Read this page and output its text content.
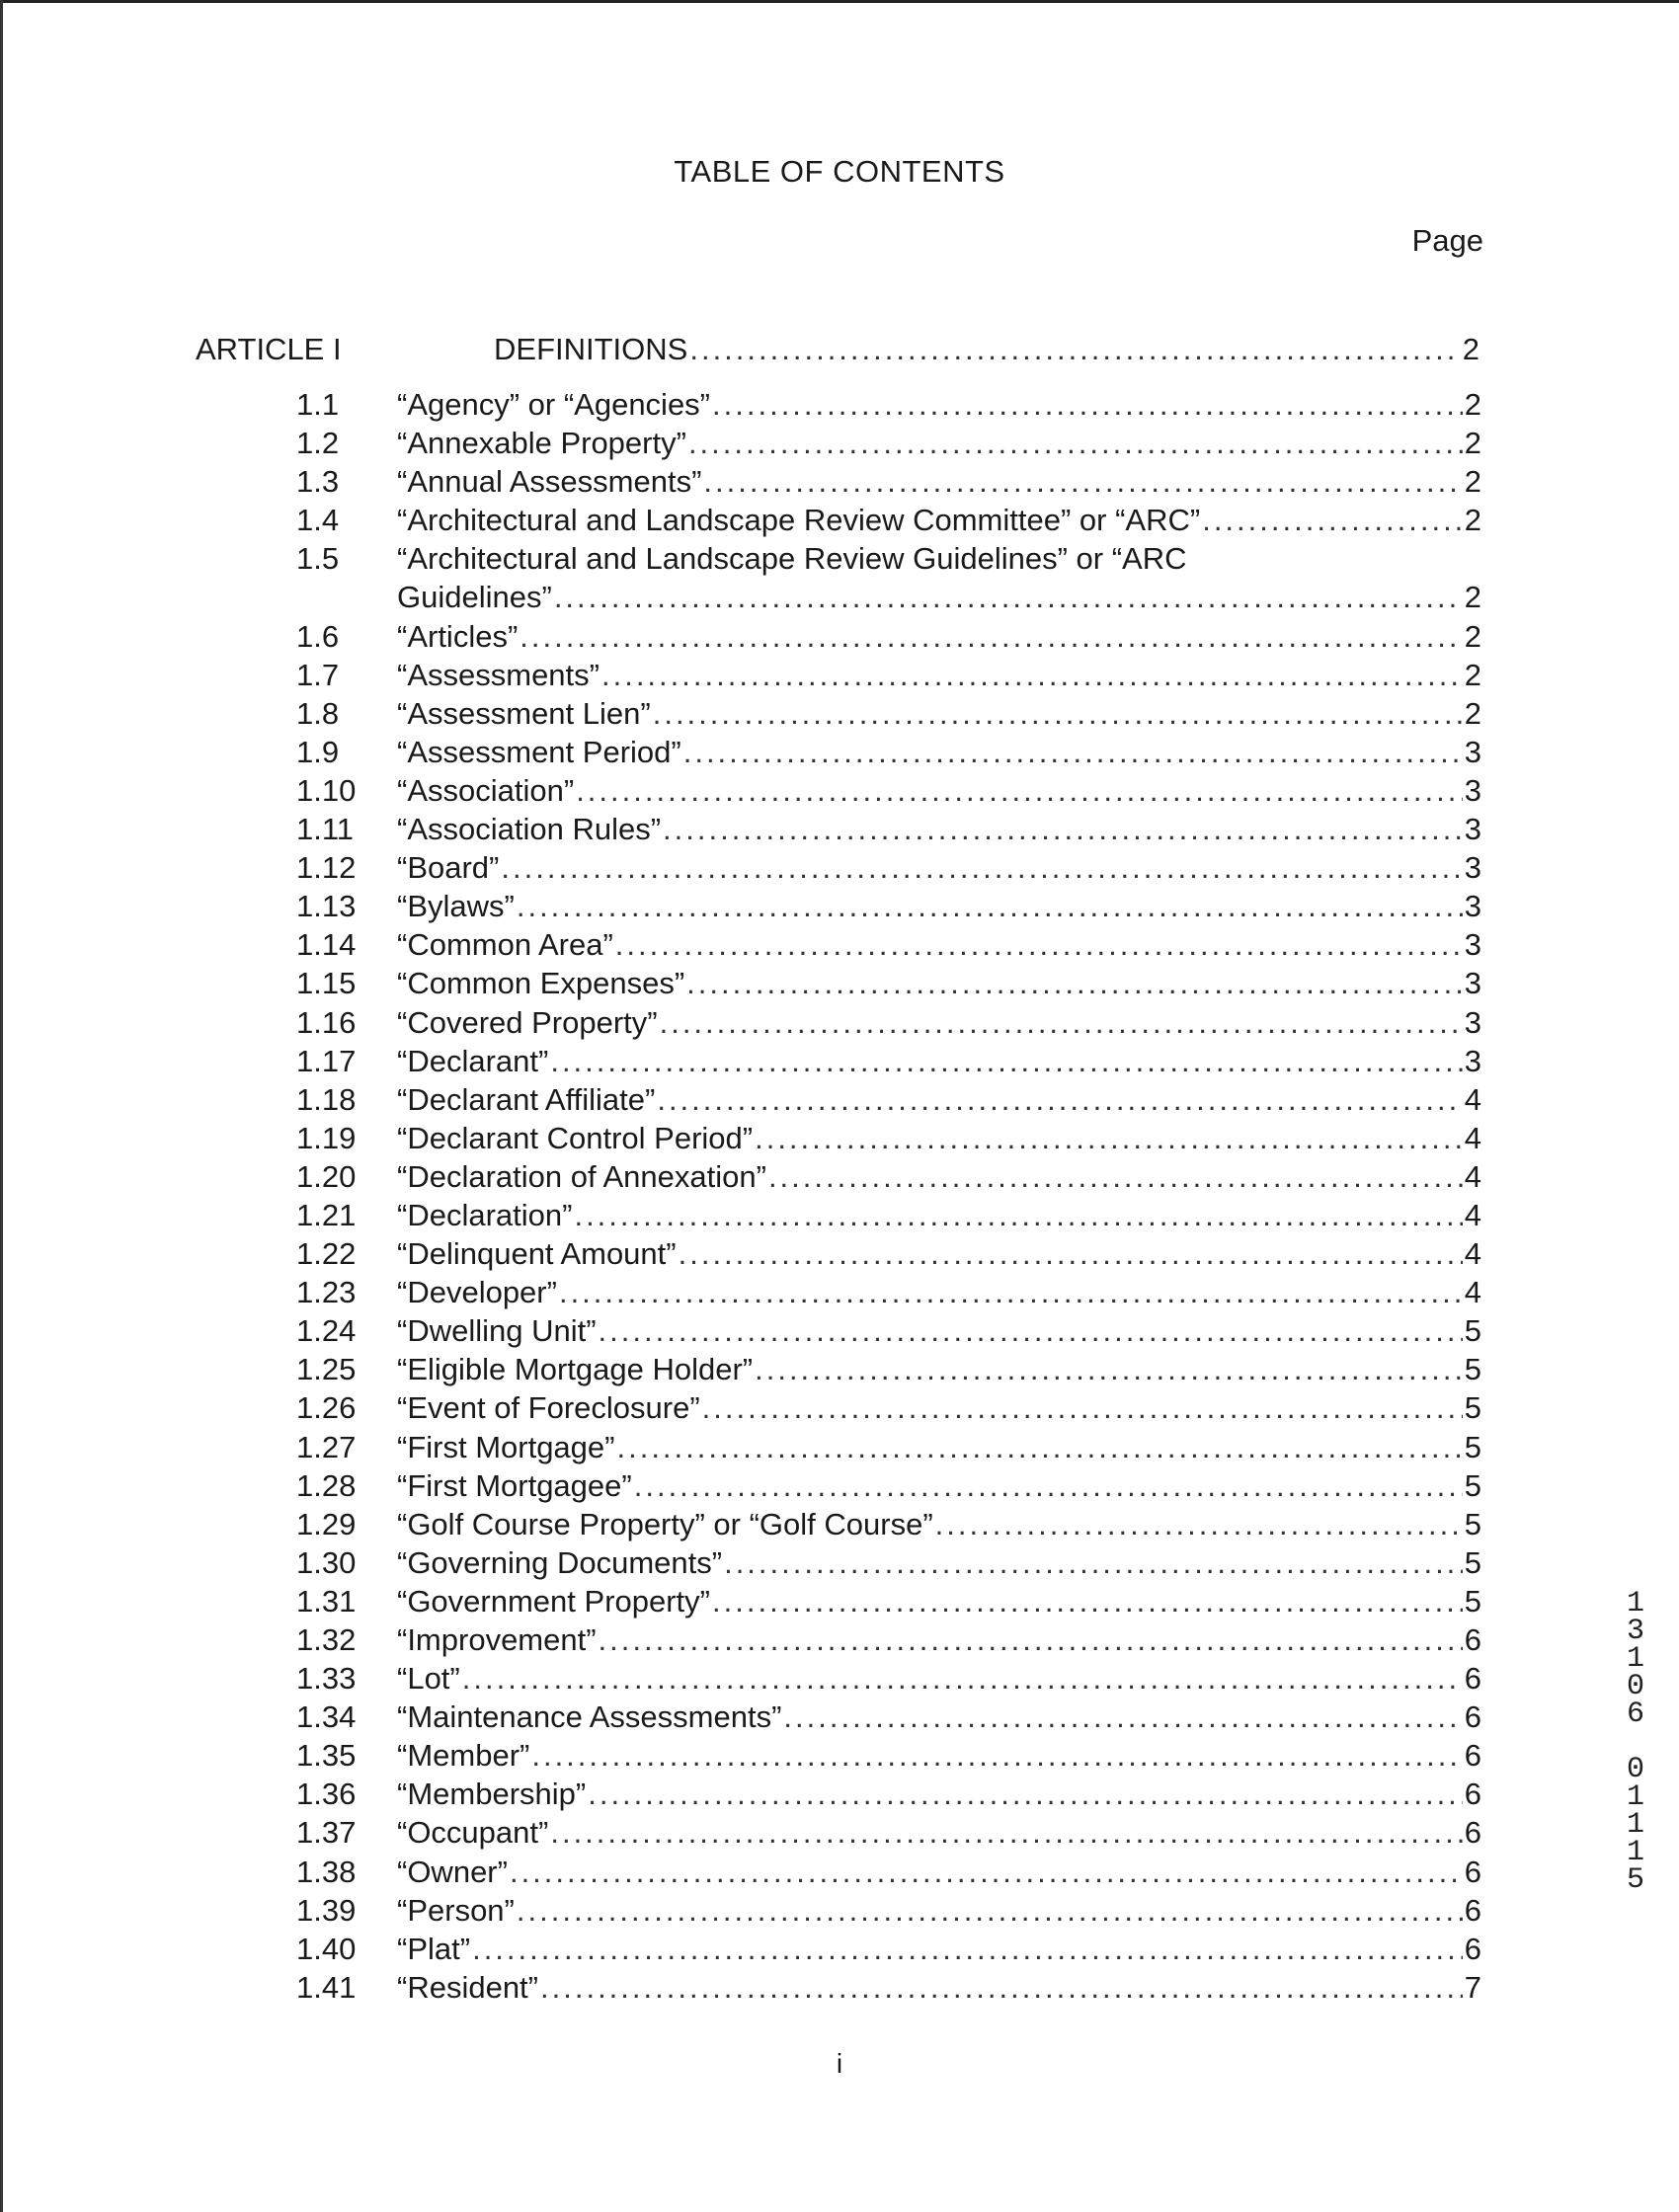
TABLE OF CONTENTS
Page
ARTICLE I	DEFINITIONS .....	2
1.1 “Agency” or “Agencies” .....	2
1.2 “Annexable Property” .....	2
1.3 “Annual Assessments” .....	2
1.4 “Architectural and Landscape Review Committee” or “ARC” .....	2
1.5 “Architectural and Landscape Review Guidelines” or “ARC
Guidelines” .....	2
1.6 “Articles” .....	2
1.7 “Assessments” .....	2
1.8 “Assessment Lien” .....	2
1.9 “Assessment Period” .....	3
1.10 “Association” .....	3
1.11 “Association Rules” .....	3
1.12 “Board” .....	3
1.13 “Bylaws” .....	3
1.14 “Common Area” .....	3
1.15 “Common Expenses” .....	3
1.16 “Covered Property” .....	3
1.17 “Declarant” .....	3
1.18 “Declarant Affiliate” .....	4
1.19 “Declarant Control Period” .....	4
1.20 “Declaration of Annexation” .....	4
1.21 “Declaration” .....	4
1.22 “Delinquent Amount” .....	4
1.23 “Developer” .....	4
1.24 “Dwelling Unit” .....	5
1.25 “Eligible Mortgage Holder” .....	5
1.26 “Event of Foreclosure” .....	5
1.27 “First Mortgage” .....	5
1.28 “First Mortgagee” .....	5
1.29 “Golf Course Property” or “Golf Course” .....	5
1.30 “Governing Documents” .....	5
1.31 “Government Property” .....	5
1.32 “Improvement” .....	6
1.33 “Lot” .....	6
1.34 “Maintenance Assessments” .....	6
1.35 “Member” .....	6
1.36 “Membership” .....	6
1.37 “Occupant” .....	6
1.38 “Owner” .....	6
1.39 “Person” .....	6
1.40 “Plat” .....	6
1.41 “Resident” .....	7
i
1
3
1
0
6

0
1
1
1
5
